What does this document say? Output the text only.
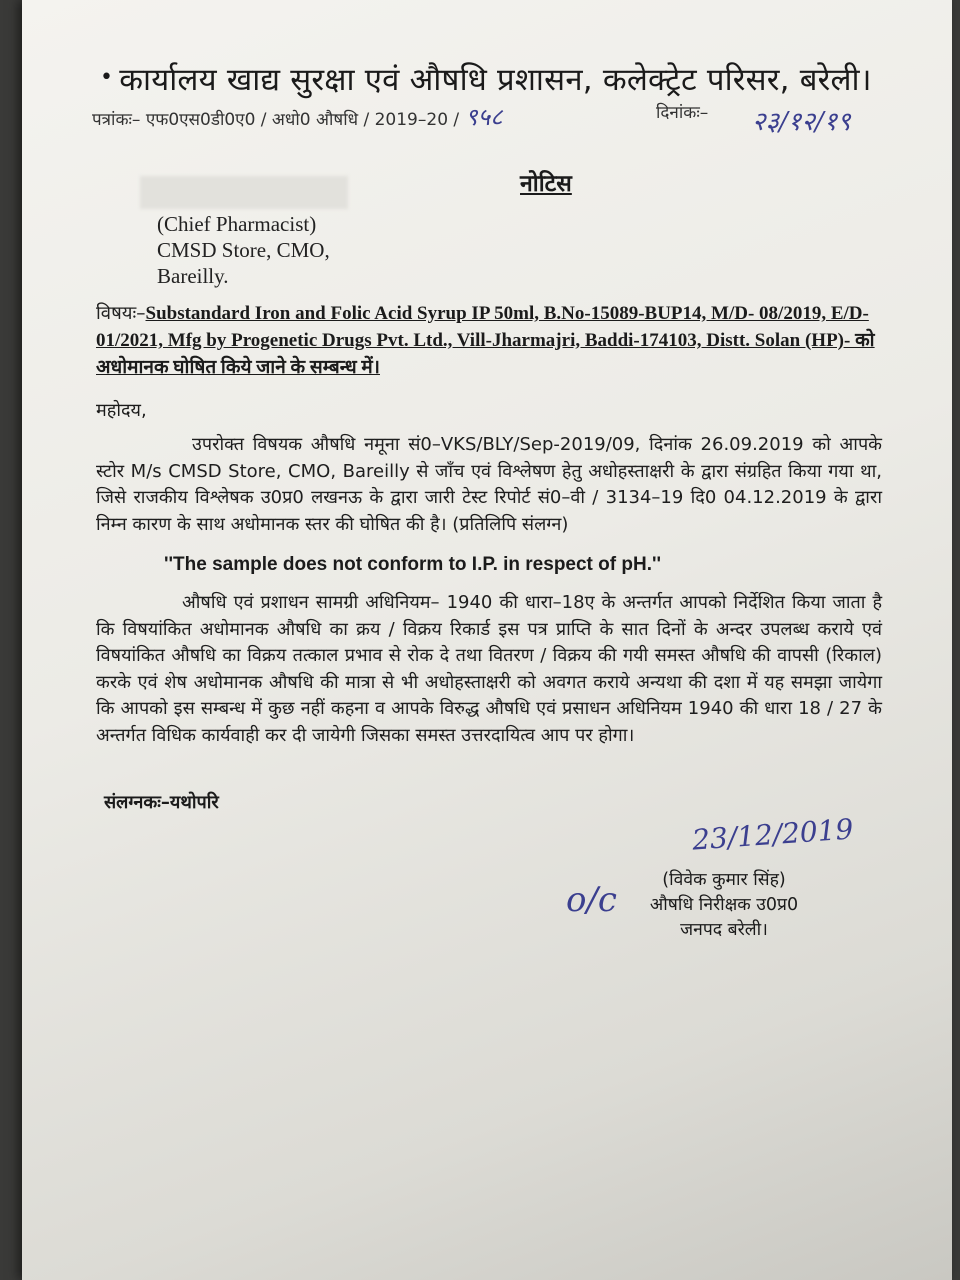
• कार्यालय खाद्य सुरक्षा एवं औषधि प्रशासन, कलेक्ट्रेट परिसर, बरेली।
पत्रांकः– एफ0एस0डी0ए0 / अधो0 औषधि / 2019–20 / ९५८	दिनांकः– २३/१२/१९
नोटिस
(Chief Pharmacist)
CMSD Store, CMO,
Bareilly.
विषयः–Substandard Iron and Folic Acid Syrup IP 50ml, B.No-15089-BUP14, M/D- 08/2019, E/D-01/2021, Mfg by Progenetic Drugs Pvt. Ltd., Vill-Jharmajri, Baddi-174103, Distt. Solan (HP)- को अधोमानक घोषित किये जाने के सम्बन्ध में।
महोदय,
उपरोक्त विषयक औषधि नमूना सं0–VKS/BLY/Sep-2019/09, दिनांक 26.09.2019 को आपके स्टोर M/s CMSD Store, CMO, Bareilly से जाँच एवं विश्लेषण हेतु अधोहस्ताक्षरी के द्वारा संग्रहित किया गया था, जिसे राजकीय विश्लेषक उ0प्र0 लखनऊ के द्वारा जारी टेस्ट रिपोर्ट सं0–वी / 3134–19 दि0 04.12.2019 के द्वारा निम्न कारण के साथ अधोमानक स्तर की घोषित की है। (प्रतिलिपि संलग्न)
''The sample does not conform to I.P. in respect of pH.''
औषधि एवं प्रशाधन सामग्री अधिनियम– 1940 की धारा–18ए के अन्तर्गत आपको निर्देशित किया जाता है कि विषयांकित अधोमानक औषधि का क्रय / विक्रय रिकार्ड इस पत्र प्राप्ति के सात दिनों के अन्दर उपलब्ध कराये एवं विषयांकित औषधि का विक्रय तत्काल प्रभाव से रोक दे तथा वितरण / विक्रय की गयी समस्त औषधि की वापसी (रिकाल) करके एवं शेष अधोमानक औषधि की मात्रा से भी अधोहस्ताक्षरी को अवगत कराये अन्यथा की दशा में यह समझा जायेगा कि आपको इस सम्बन्ध में कुछ नहीं कहना व आपके विरुद्ध औषधि एवं प्रसाधन अधिनियम 1940 की धारा 18 / 27 के अन्तर्गत विधिक कार्यवाही कर दी जायेगी जिसका समस्त उत्तरदायित्व आप पर होगा।
संलग्नकः–यथोपरि
23/12/2019
o/c	(विवेक कुमार सिंह)
औषधि निरीक्षक उ0प्र0
जनपद बरेली।
